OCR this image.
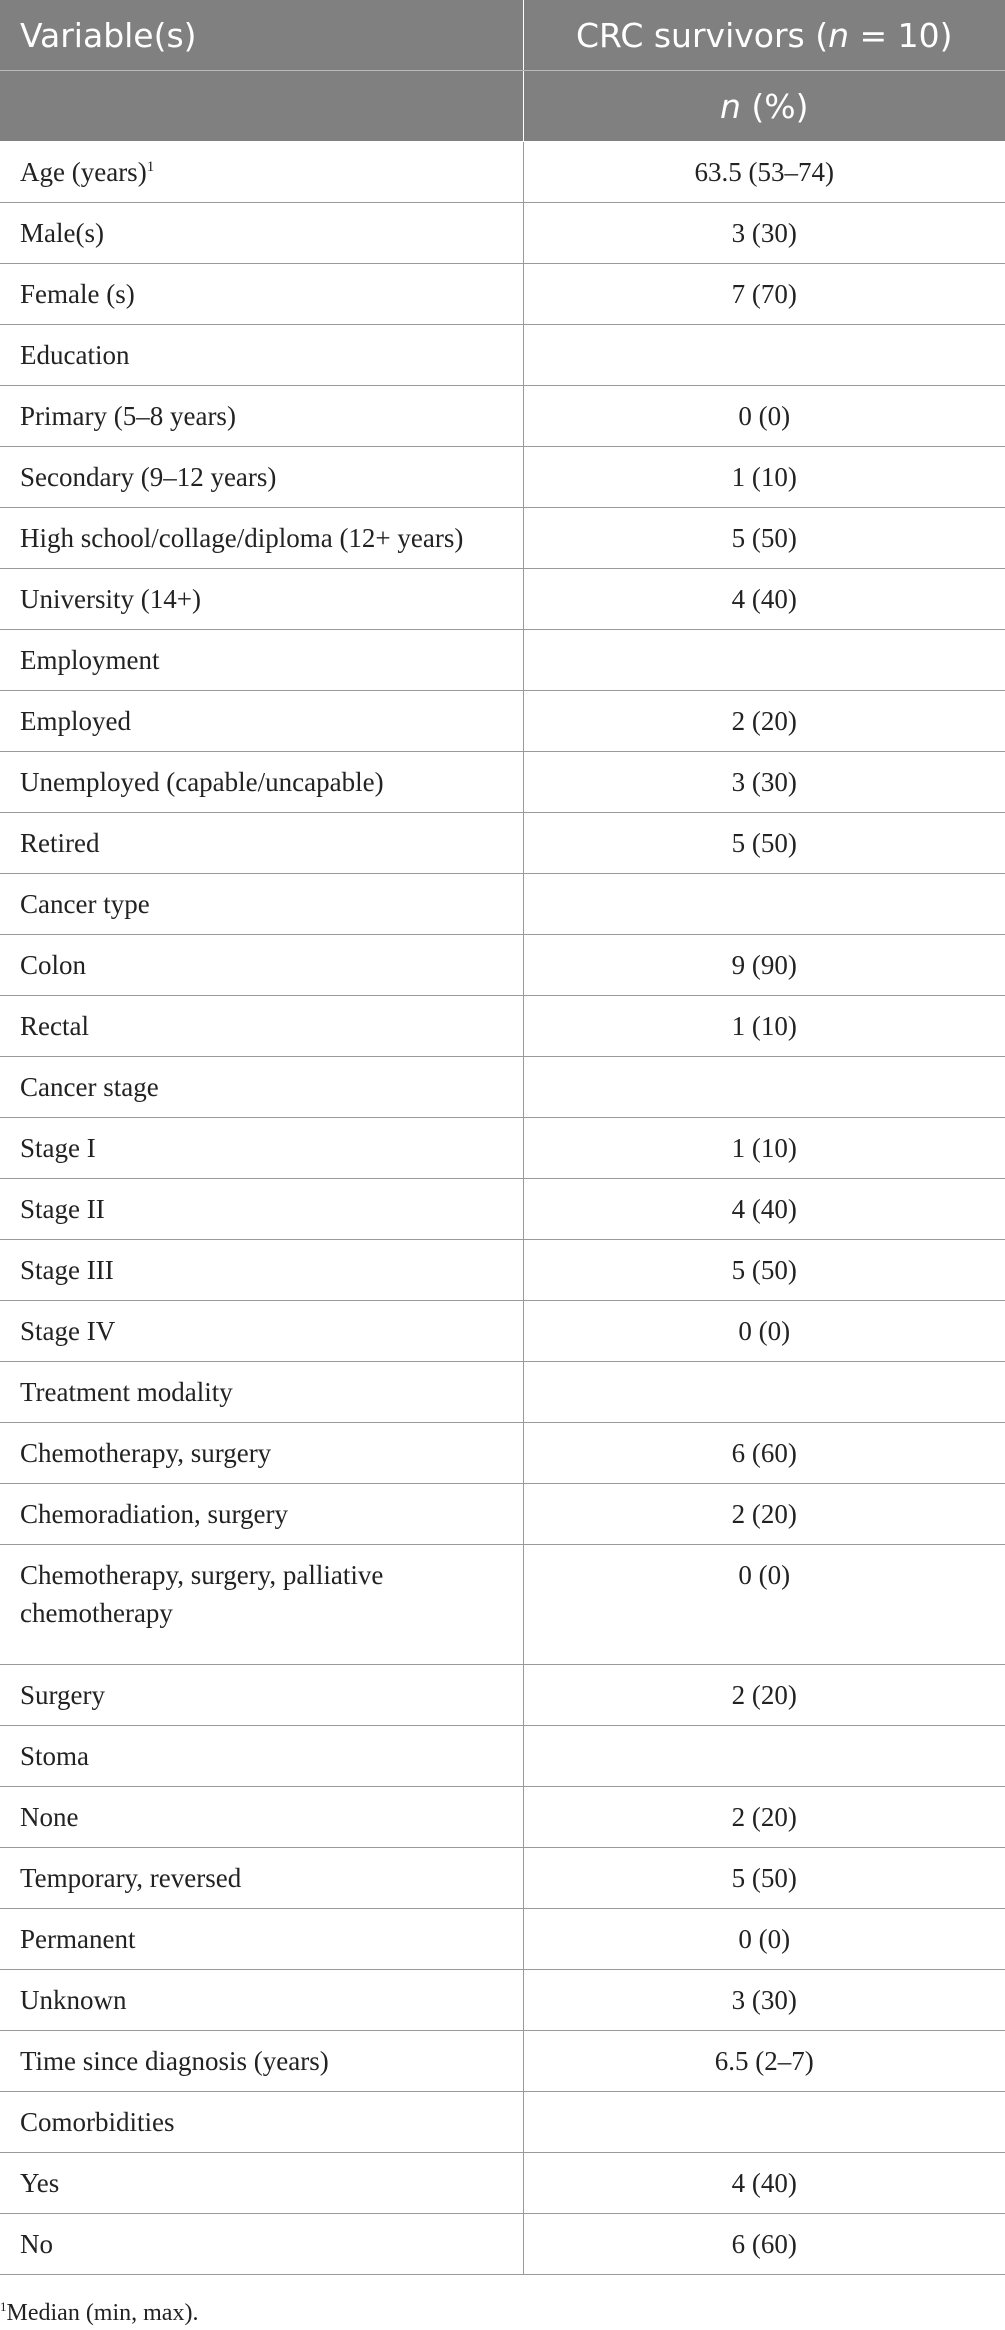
Variable(s)	CRC survivors (n = 10)
	n (%)
Age (years)$^1$	63.5 (53–74)
Male(s)	3 (30)
Female (s)	7 (70)
Education	
Primary (5–8 years)	0 (0)
Secondary (9–12 years)	1 (10)
High school/collage/diploma (12+ years)	5 (50)
University (14+)	4 (40)
Employment	
Employed	2 (20)
Unemployed (capable/uncapable)	3 (30)
Retired	5 (50)
Cancer type	
Colon	9 (90)
Rectal	1 (10)
Cancer stage	
Stage I	1 (10)
Stage II	4 (40)
Stage III	5 (50)
Stage IV	0 (0)
Treatment modality	
Chemotherapy, surgery	6 (60)
Chemoradiation, surgery	2 (20)
Chemotherapy, surgery, palliative chemotherapy	0 (0)
Surgery	2 (20)
Stoma	
None	2 (20)
Temporary, reversed	5 (50)
Permanent	0 (0)
Unknown	3 (30)
Time since diagnosis (years)	6.5 (2–7)
Comorbidities	
Yes	4 (40)
No	6 (60)
$^1$Median (min, max).
